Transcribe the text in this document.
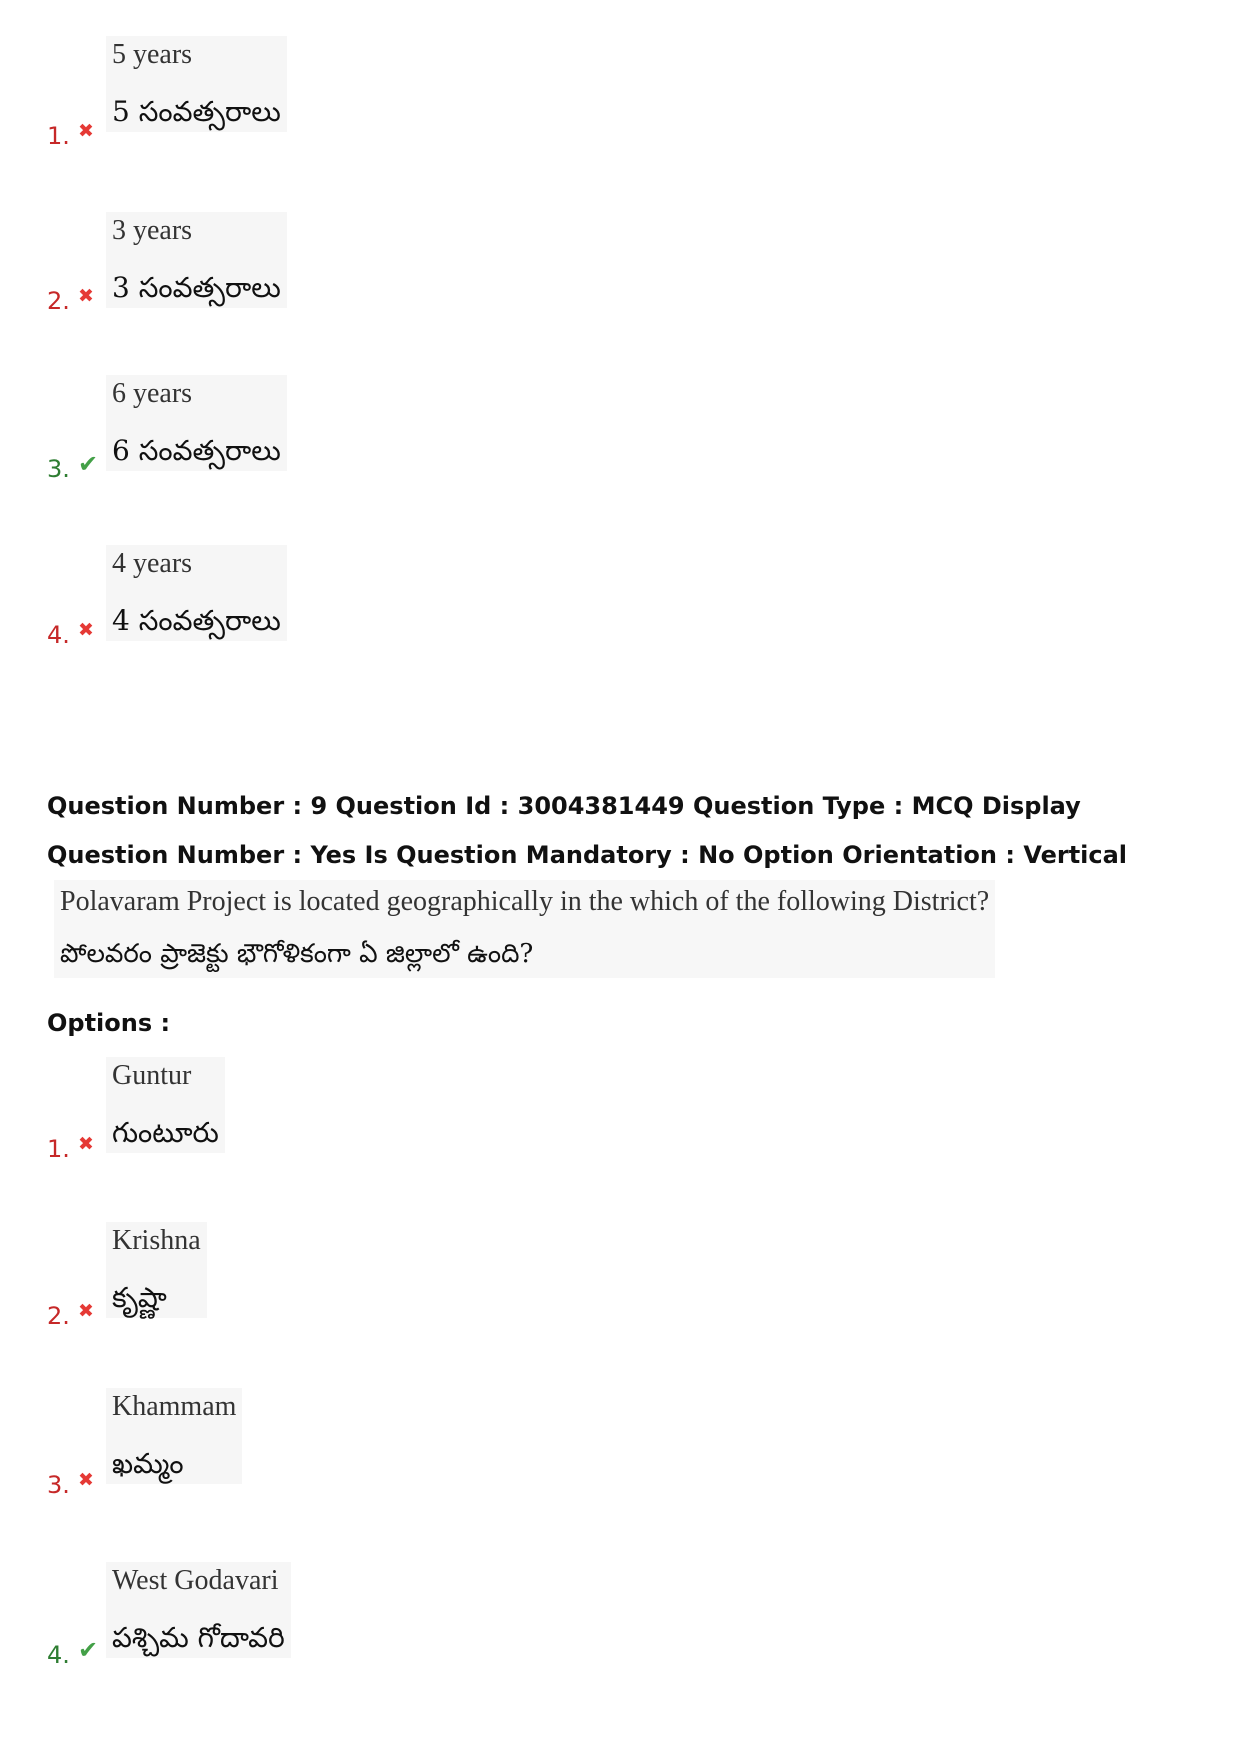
5 years
5 సంవత్సరాలు
1. ✖
3 years
3 సంవత్సరాలు
2. ✖
6 years
6 సంవత్సరాలు
3. ✔
4 years
4 సంవత్సరాలు
4. ✖
Question Number : 9 Question Id : 3004381449 Question Type : MCQ Display Question Number : Yes Is Question Mandatory : No Option Orientation : Vertical
Polavaram Project is located geographically in the which of the following District?
పోలవరం ప్రాజెక్టు భౌగోళికంగా ఏ జిల్లాలో ఉంది?
Options :
Guntur
గుంటూరు
1. ✖
Krishna
కృష్ణా
2. ✖
Khammam
ఖమ్మం
3. ✖
West Godavari
పశ్చిమ గోదావరి
4. ✔
